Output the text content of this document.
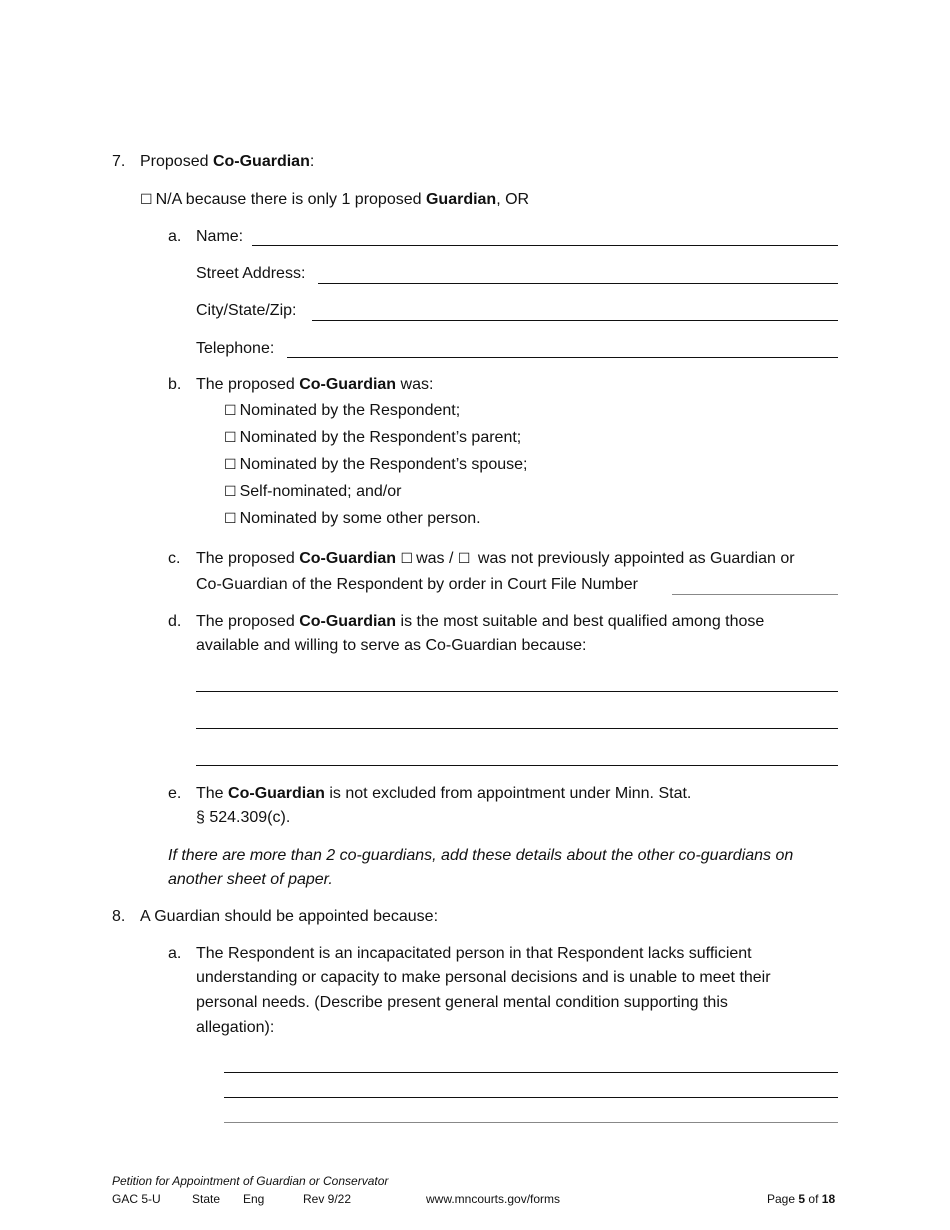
7. Proposed Co-Guardian:
☐ N/A because there is only 1 proposed Guardian, OR
a. Name:
Street Address:
City/State/Zip:
Telephone:
b. The proposed Co-Guardian was:
☐ Nominated by the Respondent;
☐ Nominated by the Respondent’s parent;
☐ Nominated by the Respondent’s spouse;
☐ Self-nominated; and/or
☐ Nominated by some other person.
c. The proposed Co-Guardian ☐ was / ☐ was not previously appointed as Guardian or
Co-Guardian of the Respondent by order in Court File Number
d. The proposed Co-Guardian is the most suitable and best qualified among those
available and willing to serve as Co-Guardian because:
e. The Co-Guardian is not excluded from appointment under Minn. Stat.
§ 524.309(c).
If there are more than 2 co-guardians, add these details about the other co-guardians on
another sheet of paper.
8. A Guardian should be appointed because:
a. The Respondent is an incapacitated person in that Respondent lacks sufficient
understanding or capacity to make personal decisions and is unable to meet their
personal needs. (Describe present general mental condition supporting this
allegation):
Petition for Appointment of Guardian or Conservator
GAC 5-U	State Eng	Rev 9/22	www.mncourts.gov/forms	Page 5 of 18
